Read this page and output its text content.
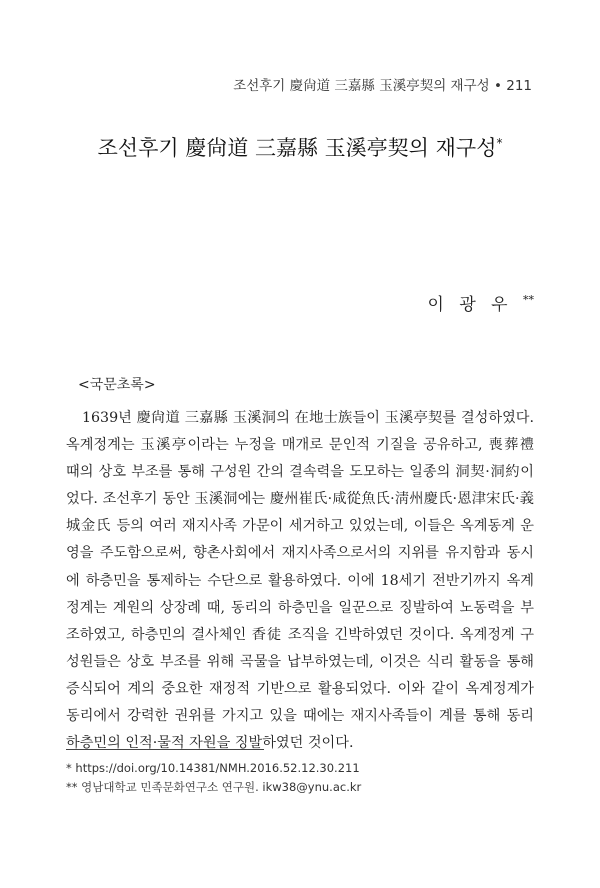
조선후기 慶尙道 三嘉縣 玉溪亭契의 재구성 • 211
조선후기 慶尙道 三嘉縣 玉溪亭契의 재구성*
이 광 우 **
<국문초록>
1639년 慶尙道 三嘉縣 玉溪洞의 在地士族들이 玉溪亭契를 결성하였다.
옥계정계는 玉溪亭이라는 누정을 매개로 문인적 기질을 공유하고, 喪葬禮
때의 상호 부조를 통해 구성원 간의 결속력을 도모하는 일종의 洞契·洞約이
었다. 조선후기 동안 玉溪洞에는 慶州崔氏·咸從魚氏·淸州慶氏·恩津宋氏·義
城金氏 등의 여러 재지사족 가문이 세거하고 있었는데, 이들은 옥계동계 운
영을 주도함으로써, 향촌사회에서 재지사족으로서의 지위를 유지함과 동시
에 하층민을 통제하는 수단으로 활용하였다. 이에 18세기 전반기까지 옥계
정계는 계원의 상장례 때, 동리의 하층민을 일꾼으로 징발하여 노동력을 부
조하였고, 하층민의 결사체인 香徒 조직을 긴박하였던 것이다. 옥계정계 구
성원들은 상호 부조를 위해 곡물을 납부하였는데, 이것은 식리 활동을 통해
증식되어 계의 중요한 재정적 기반으로 활용되었다. 이와 같이 옥계정계가
동리에서 강력한 권위를 가지고 있을 때에는 재지사족들이 계를 통해 동리
하층민의 인적·물적 자원을 징발하였던 것이다.
* https://doi.org/10.14381/NMH.2016.52.12.30.211
** 영남대학교 민족문화연구소 연구원. ikw38@ynu.ac.kr
